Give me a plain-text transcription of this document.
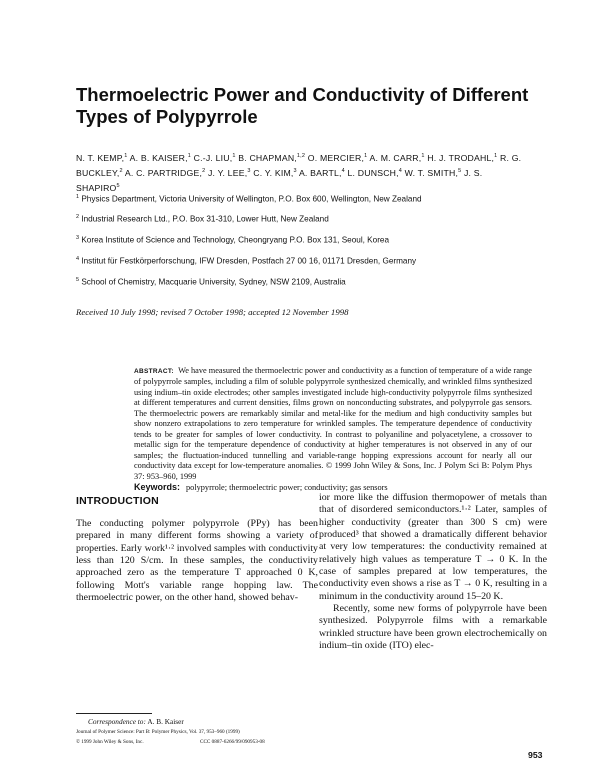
Thermoelectric Power and Conductivity of Different Types of Polypyrrole
N. T. KEMP,$^1$ A. B. KAISER,$^1$ C.-J. LIU,$^1$ B. CHAPMAN,$^{1,2}$ O. MERCIER,$^1$ A. M. CARR,$^1$ H. J. TRODAHL,$^1$ R. G. BUCKLEY,$^2$ A. C. PARTRIDGE,$^2$ J. Y. LEE,$^3$ C. Y. KIM,$^3$ A. BARTL,$^4$ L. DUNSCH,$^4$ W. T. SMITH,$^5$ J. S. SHAPIRO$^5$
$^1$ Physics Department, Victoria University of Wellington, P.O. Box 600, Wellington, New Zealand
$^2$ Industrial Research Ltd., P.O. Box 31-310, Lower Hutt, New Zealand
$^3$ Korea Institute of Science and Technology, Cheongryang P.O. Box 131, Seoul, Korea
$^4$ Institut für Festkörperforschung, IFW Dresden, Postfach 27 00 16, 01171 Dresden, Germany
$^5$ School of Chemistry, Macquarie University, Sydney, NSW 2109, Australia
Received 10 July 1998; revised 7 October 1998; accepted 12 November 1998

ABSTRACT: We have measured the thermoelectric power and conductivity as a function of temperature of a wide range of polypyrrole samples, including a film of soluble polypyrrole synthesized chemically, and wrinkled films synthesized using indium–tin oxide electrodes; other samples investigated include high-conductivity polypyrrole films synthesized at different temperatures and current densities, films grown on nonconducting substrates, and polypyrrole gas sensors. The thermoelectric powers are remarkably similar and metal-like for the medium and high conductivity samples but show nonzero extrapolations to zero temperature for wrinkled samples. The temperature dependence of conductivity tends to be greater for samples of lower conductivity. In contrast to polyaniline and polyacetylene, a crossover to metallic sign for the temperature dependence of conductivity at higher temperatures is not observed in any of our samples; the fluctuation-induced tunnelling and variable-range hopping expressions account for nearly all our conductivity data except for low-temperature anomalies. © 1999 John Wiley & Sons, Inc. J Polym Sci B: Polym Phys 37: 953–960, 1999

Keywords: polypyrrole; thermoelectric power; conductivity; gas sensors

INTRODUCTION

The conducting polymer polypyrrole (PPy) has been prepared in many different forms showing a variety of properties. Early work¹·² involved samples with conductivity less than 120 S/cm. In these samples, the conductivity approached zero as the temperature T approached 0 K, following Mott's variable range hopping law. The thermoelectric power, on the other hand, showed behav-

ior more like the diffusion thermopower of metals than that of disordered semiconductors.¹·² Later, samples of higher conductivity (greater than 300 S cm) were produced³ that showed a dramatically different behavior at very low temperatures: the conductivity remained at relatively high values as temperature T → 0 K. In the case of samples prepared at low temperatures, the conductivity even shows a rise as T → 0 K, resulting in a minimum in the conductivity around 15–20 K.

Recently, some new forms of polypyrrole have been synthesized. Polypyrrole films with a remarkable wrinkled structure have been grown electrochemically on indium–tin oxide (ITO) elec-

Correspondence to: A. B. Kaiser
Journal of Polymer Science: Part B: Polymer Physics, Vol. 37, 953–960 (1999)
© 1999 John Wiley & Sons, Inc.	CCC 0887-6266/99/090953-08
953
